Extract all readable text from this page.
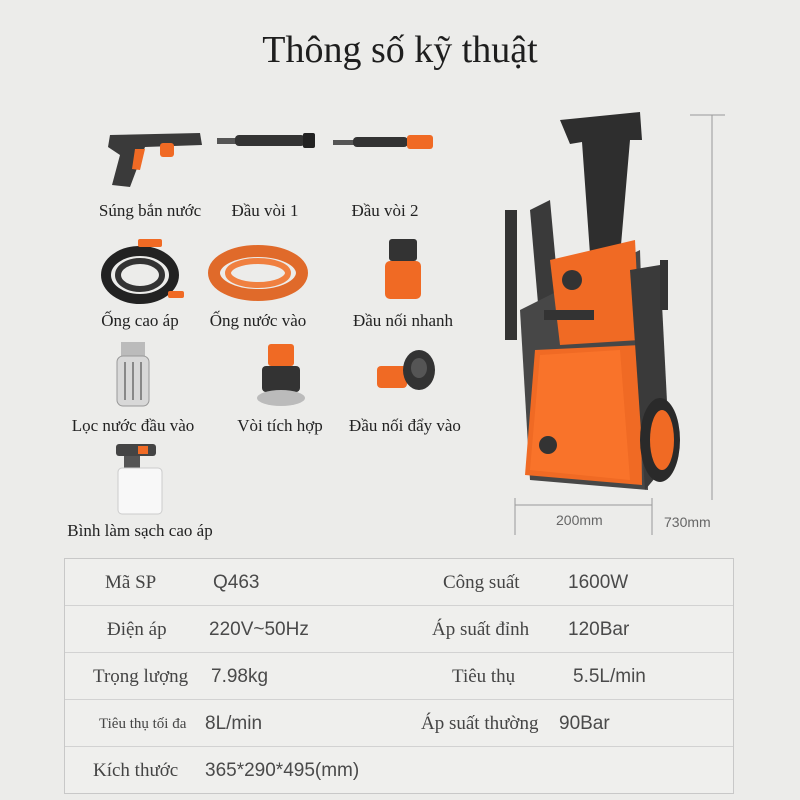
Thông số kỹ thuật
Súng bắn nước Đầu vòi 1	Đầu vòi 2
Ống cao áp Ống nước vào	Đầu nối nhanh
Lọc nước đầu vào	Vòi tích hợp Đầu nối đẩy vào
Bình làm sạch cao áp
200mm	730mm
Mã SP	Q463	Công suất	1600W
Điện áp 220V~50Hz	Áp suất đỉnh 120Bar
Trọng lượng 7.98kg	Tiêu thụ	5.5L/min
Tiêu thụ tối đa 8L/min	Áp suất thường 90Bar
Kích thước 365*290*495(mm)
